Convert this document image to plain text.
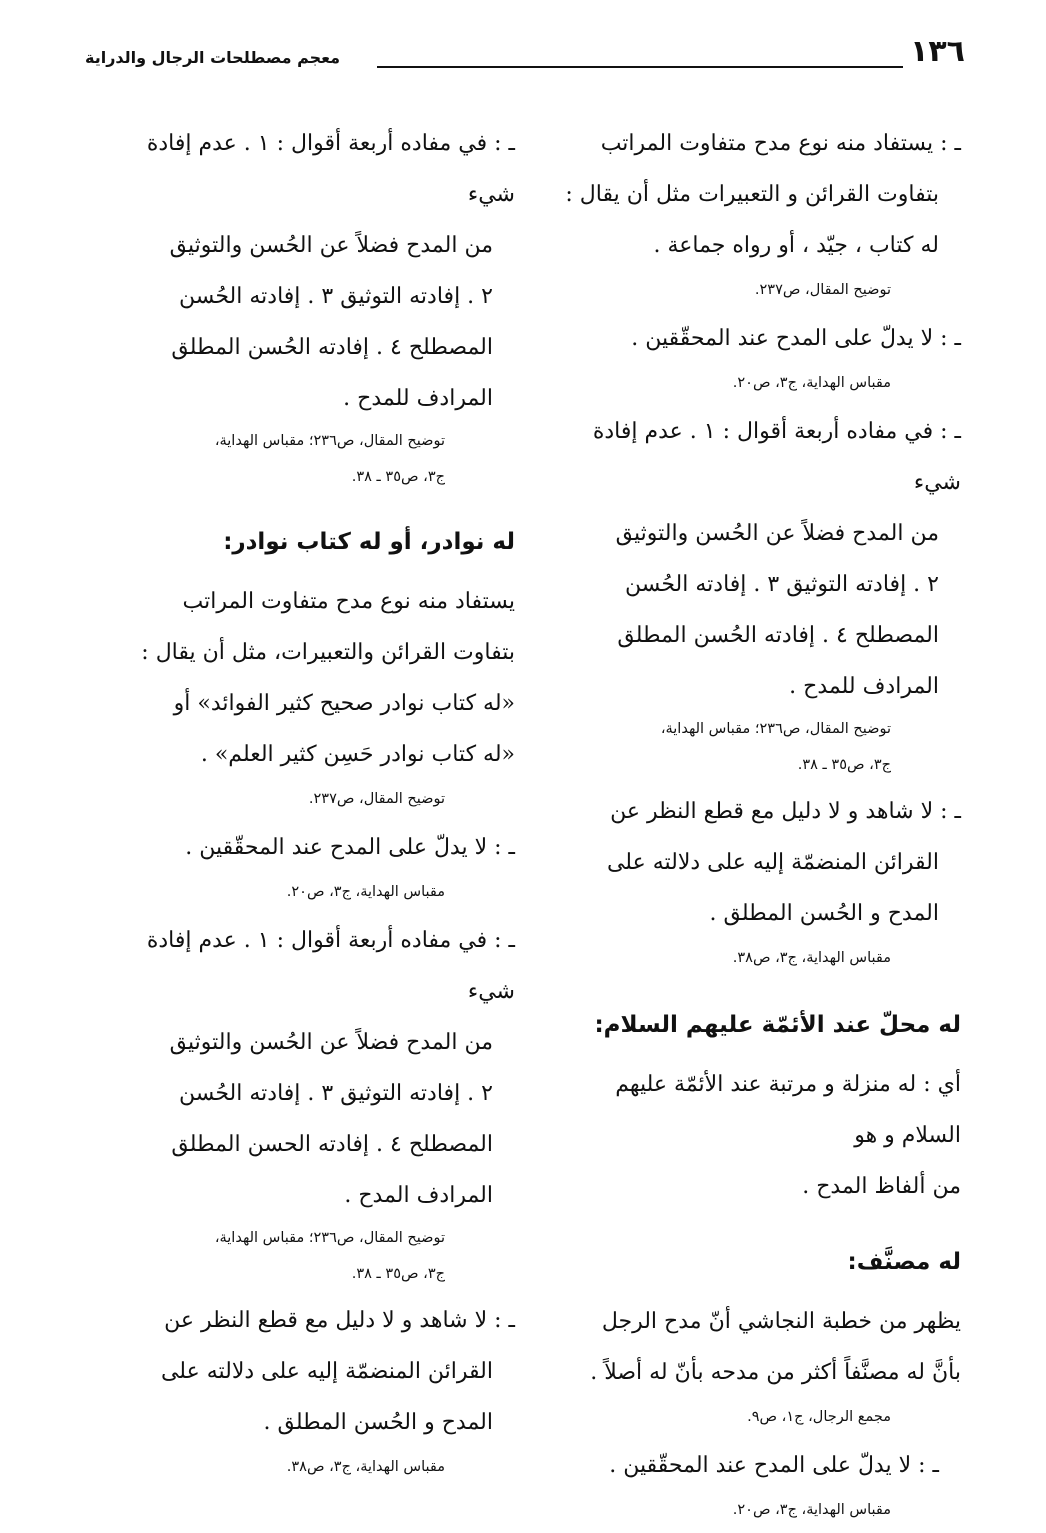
١٣٦
معجم مصطلحات الرجال والدراية

ـ : يستفاد منه نوع مدح متفاوت المراتب

بتفاوت القرائن و التعبيرات مثل أن يقال :

له كتاب ، جيّد ، أو رواه جماعة .

توضيح المقال، ص٢٣٧.

ـ : لا يدلّ على المدح عند المحقّقين .

مقباس الهداية، ج٣، ص٢٠.

ـ : في مفاده أربعة أقوال : ١ . عدم إفادة شيء

من المدح فضلاً عن الحُسن والتوثيق

٢ . إفادته التوثيق ٣ . إفادته الحُسن

المصطلح ٤ . إفادته الحُسن المطلق

المرادف للمدح .

توضيح المقال، ص٢٣٦؛ مقباس الهداية،

ج٣، ص٣٥ ـ ٣٨.

ـ : لا شاهد و لا دليل مع قطع النظر عن

القرائن المنضمّة إليه على دلالته على

المدح و الحُسن المطلق .

مقباس الهداية، ج٣، ص٣٨.

له محلّ عند الأئمّة عليهم السلام:

أي : له منزلة و مرتبة عند الأئمّة عليهم السلام و هو

من ألفاظ المدح .

له مصنَّف:

يظهر من خطبة النجاشي أنّ مدح الرجل

بأنَّ له مصنَّفاً أكثر من مدحه بأنّ له أصلاً .

مجمع الرجال، ج١، ص٩.

ـ : لا يدلّ على المدح عند المحقّقين .

مقباس الهداية، ج٣، ص٢٠.

ـ : في مفاده أربعة أقوال : ١ . عدم إفادة شيء

من المدح فضلاً عن الحُسن والتوثيق

٢ . إفادته التوثيق ٣ . إفادته الحُسن

المصطلح ٤ . إفادته الحُسن المطلق

المرادف للمدح .

توضيح المقال، ص٢٣٦؛ مقباس الهداية،

ج٣، ص٣٥ ـ ٣٨.

له نوادر، أو له كتاب نوادر:

يستفاد منه نوع مدح متفاوت المراتب

بتفاوت القرائن والتعبيرات، مثل أن يقال :

«له كتاب نوادر صحيح كثير الفوائد» أو

«له كتاب نوادر حَسِن كثير العلم» .

توضيح المقال، ص٢٣٧.

ـ : لا يدلّ على المدح عند المحقّقين .

مقباس الهداية، ج٣، ص٢٠.

ـ : في مفاده أربعة أقوال : ١ . عدم إفادة شيء

من المدح فضلاً عن الحُسن والتوثيق

٢ . إفادته التوثيق ٣ . إفادته الحُسن

المصطلح ٤ . إفادته الحسن المطلق

المرادف المدح .

توضيح المقال، ص٢٣٦؛ مقباس الهداية،

ج٣، ص٣٥ ـ ٣٨.

ـ : لا شاهد و لا دليل مع قطع النظر عن

القرائن المنضمّة إليه على دلالته على

المدح و الحُسن المطلق .

مقباس الهداية، ج٣، ص٣٨.
